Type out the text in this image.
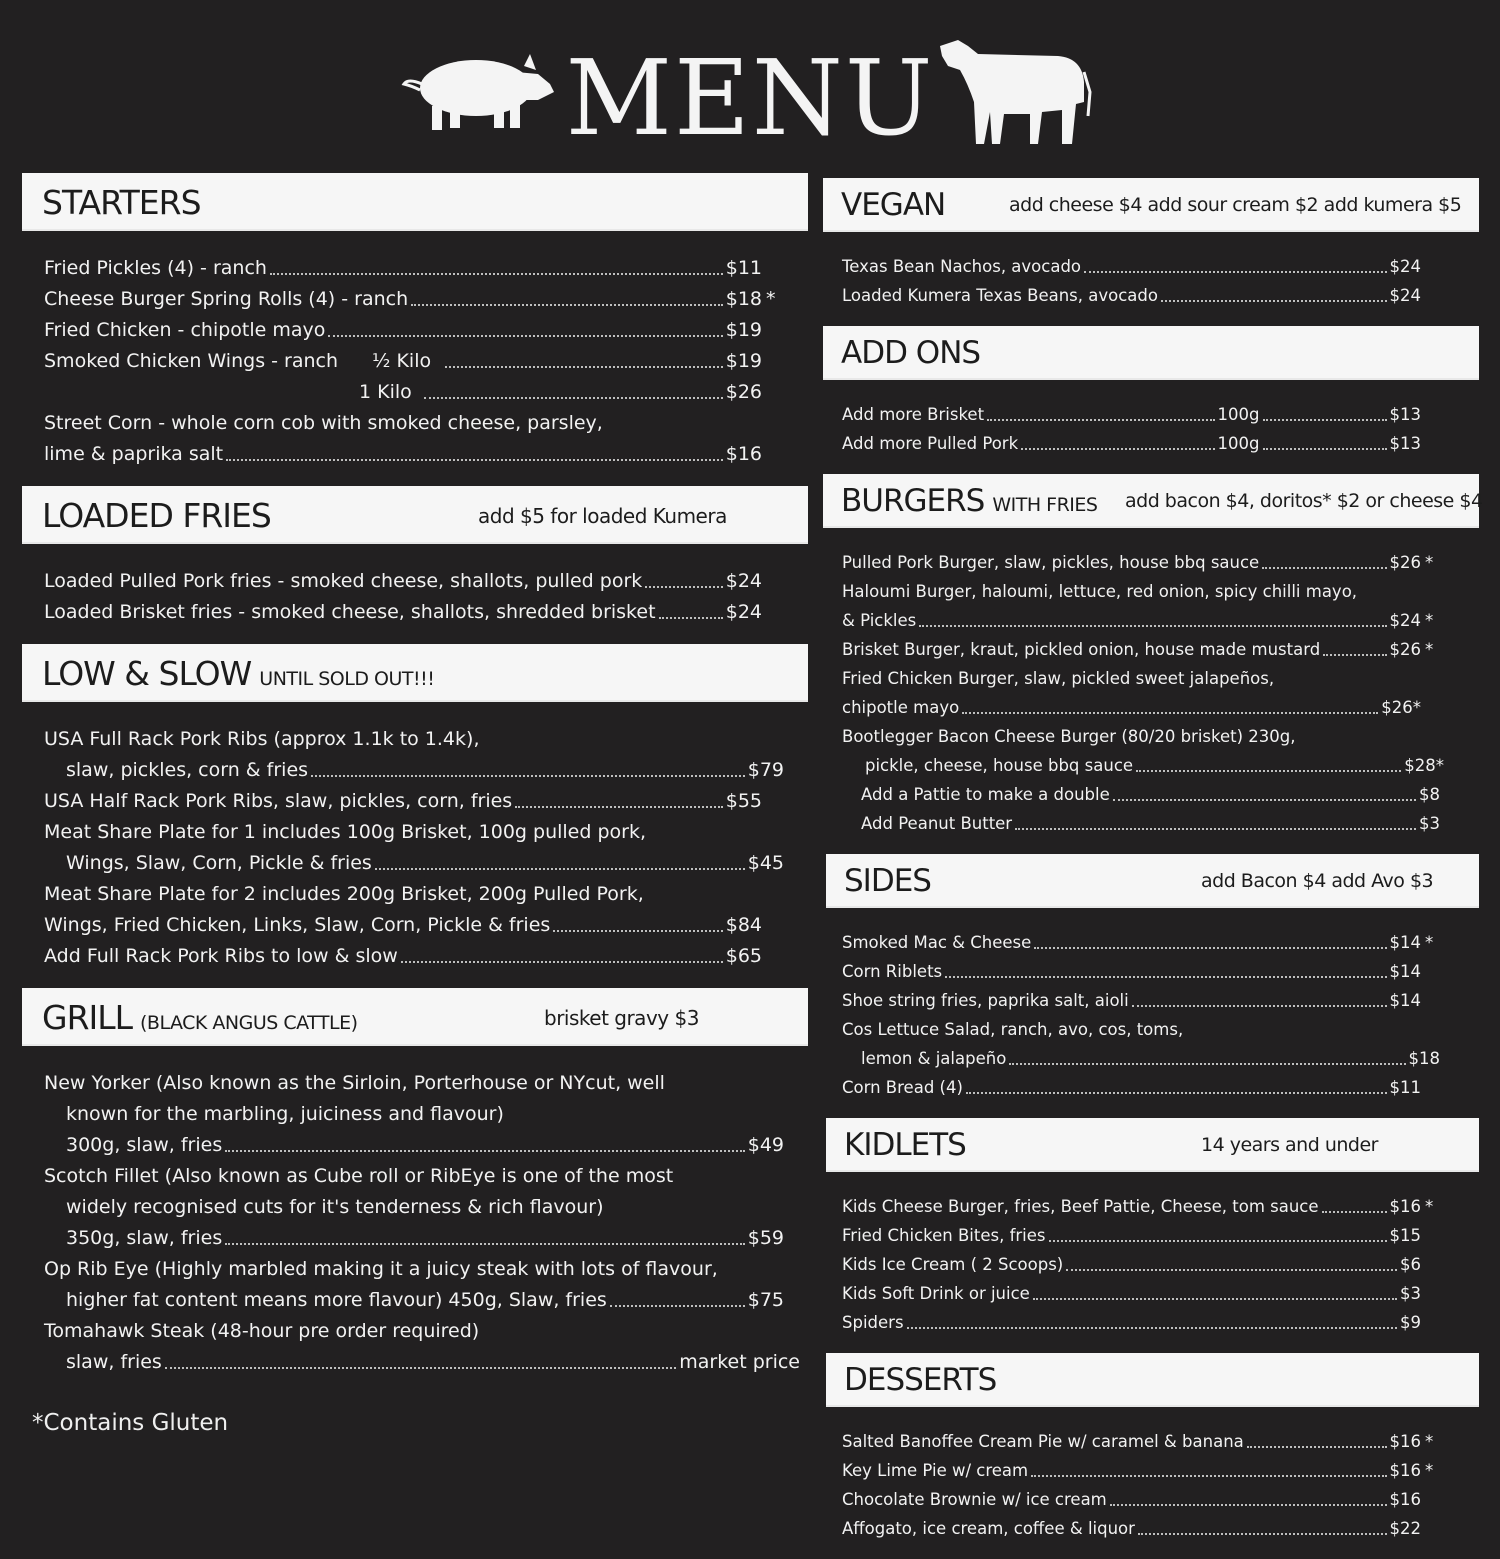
MENU
STARTERS
Fried Pickles (4) - ranch	$11
Cheese Burger Spring Rolls (4) - ranch	$18 *
Fried Chicken - chipotle mayo	$19
Smoked Chicken Wings - ranch ½ Kilo	$19
1 Kilo	$26
Street Corn - whole corn cob with smoked cheese, parsley,
lime & paprika salt	$16
LOADED FRIES	add $5 for loaded Kumera
Loaded Pulled Pork fries - smoked cheese, shallots, pulled pork	$24
Loaded Brisket fries - smoked cheese, shallots, shredded brisket	$24
LOW & SLOW UNTIL SOLD OUT!!!
USA Full Rack Pork Ribs (approx 1.1k to 1.4k),
slaw, pickles, corn & fries	$79
USA Half Rack Pork Ribs, slaw, pickles, corn, fries	$55
Meat Share Plate for 1 includes 100g Brisket, 100g pulled pork,
Wings, Slaw, Corn, Pickle & fries	$45
Meat Share Plate for 2 includes 200g Brisket, 200g Pulled Pork,
Wings, Fried Chicken, Links, Slaw, Corn, Pickle & fries	$84
Add Full Rack Pork Ribs to low & slow	$65
GRILL (BLACK ANGUS CATTLE)	brisket gravy $3
New Yorker (Also known as the Sirloin, Porterhouse or NYcut, well
known for the marbling, juiciness and flavour)
300g, slaw, fries	$49
Scotch Fillet (Also known as Cube roll or RibEye is one of the most
widely recognised cuts for it's tenderness & rich flavour)
350g, slaw, fries	$59
Op Rib Eye (Highly marbled making it a juicy steak with lots of flavour,
higher fat content means more flavour) 450g, Slaw, fries	$75
Tomahawk Steak (48-hour pre order required)
slaw, fries	market price
VEGAN	add cheese $4 add sour cream $2 add kumera $5
Texas Bean Nachos, avocado	$24
Loaded Kumera Texas Beans, avocado	$24
ADD ONS
Add more Brisket	100g	$13
Add more Pulled Pork	100g	$13
BURGERS WITH FRIES add bacon $4, doritos* $2 or cheese $4
Pulled Pork Burger, slaw, pickles, house bbq sauce	$26 *
Haloumi Burger, haloumi, lettuce, red onion, spicy chilli mayo,
& Pickles	$24 *
Brisket Burger, kraut, pickled onion, house made mustard	$26 *
Fried Chicken Burger, slaw, pickled sweet jalapeños,
chipotle mayo	$26*
Bootlegger Bacon Cheese Burger (80/20 brisket) 230g,
pickle, cheese, house bbq sauce	$28*
Add a Pattie to make a double	$8
Add Peanut Butter	$3
SIDES	add Bacon $4 add Avo $3
Smoked Mac & Cheese	$14 *
Corn Riblets	$14
Shoe string fries, paprika salt, aioli	$14
Cos Lettuce Salad, ranch, avo, cos, toms,
lemon & jalapeño	$18
Corn Bread (4)	$11
KIDLETS	14 years and under
Kids Cheese Burger, fries, Beef Pattie, Cheese, tom sauce	$16 *
Fried Chicken Bites, fries	$15
Kids Ice Cream ( 2 Scoops)	$6
Kids Soft Drink or juice	$3
Spiders	$9
DESSERTS
Salted Banoffee Cream Pie w/ caramel & banana	$16 *
Key Lime Pie w/ cream	$16 *
Chocolate Brownie w/ ice cream	$16
Affogato, ice cream, coffee & liquor	$22
*Contains Gluten
